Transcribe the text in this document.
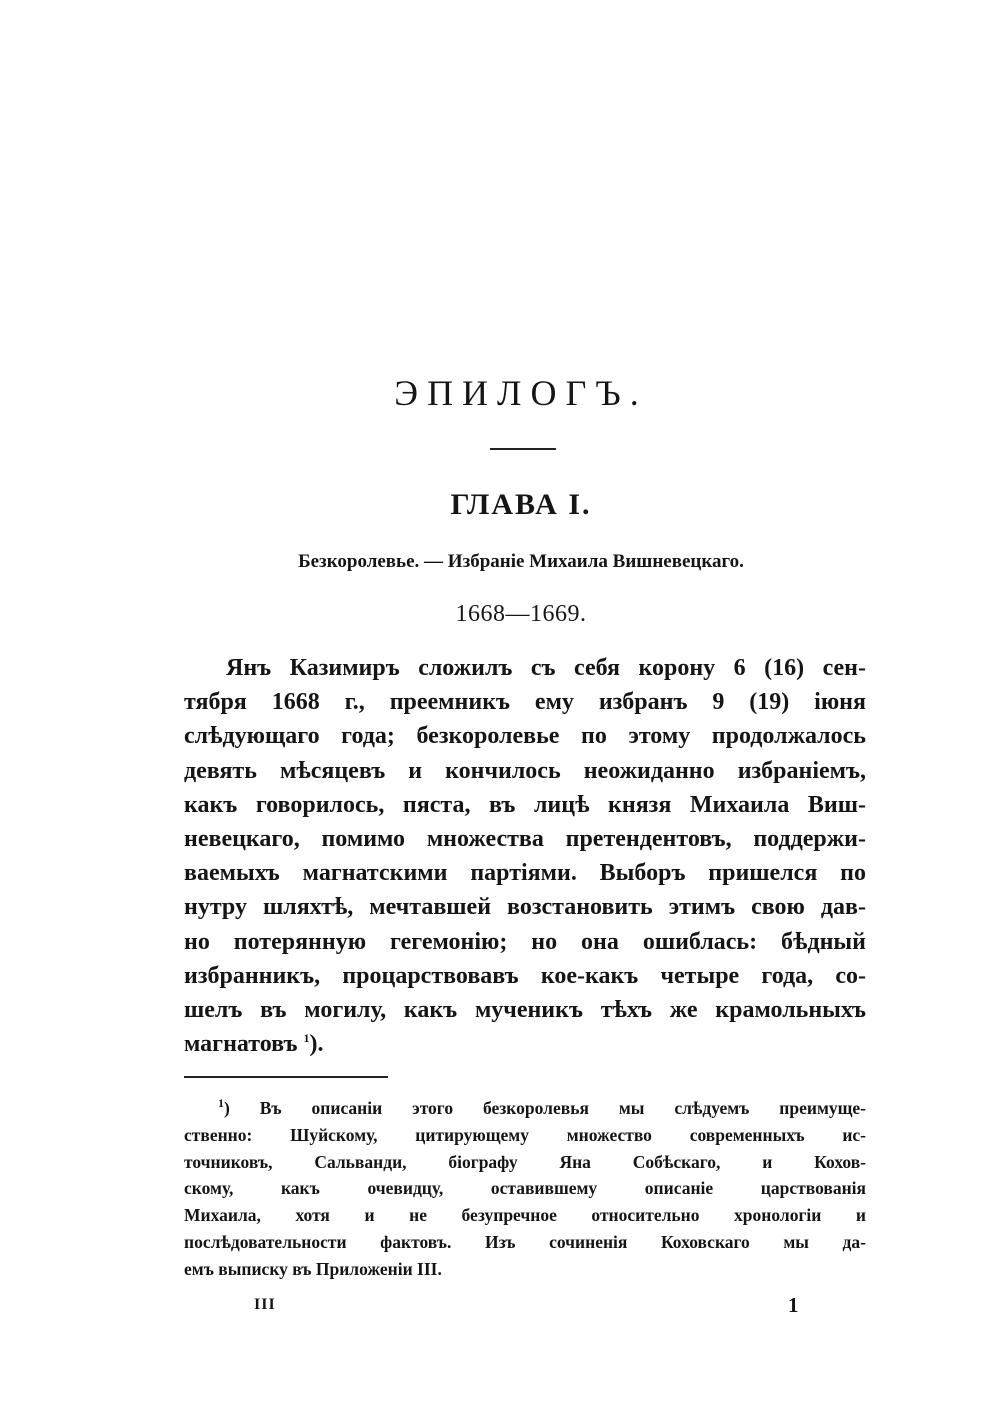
ЭПИЛОГЪ.
ГЛАВА I.
Безкоролевье. — Избранiе Михаила Вишневецкаго.
1668—1669.
Янъ Казимиръ сложилъ съ себя корону 6 (16) сен-
тября 1668 г., преемникъ ему избранъ 9 (19) iюня
слѣдующаго года; безкоролевье по этому продолжалось
девять мѣсяцевъ и кончилось неожиданно избранiемъ,
какъ говорилось, пяста, въ лицѣ князя Михаила Виш-
невецкаго, помимо множества претендентовъ, поддержи-
ваемыхъ магнатскими партiями. Выборъ пришелся по
нутру шляхтѣ, мечтавшей возстановить этимъ свою дав-
но потерянную гегемонiю; но она ошиблась: бѣдный
избранникъ, процарствовавъ кое-какъ четыре года, со-
шелъ въ могилу, какъ мученикъ тѣхъ же крамольныхъ
магнатовъ $^1$).
$^1$) Въ описанiи этого безкоролевья мы слѣдуемъ преимуще-
ственно: Шуйскому, цитирующему множество современныхъ ис-
точниковъ, Сальванди, бiографу Яна Собѣскаго, и Кохов-
скому, какъ очевидцу, оставившему описанiе царствованiя
Михаила, хотя и не безупречное относительно хронологiи и
послѣдовательности фактовъ. Изъ сочиненiя Коховскаго мы да-
емъ выписку въ Приложенiи III.
III	1
